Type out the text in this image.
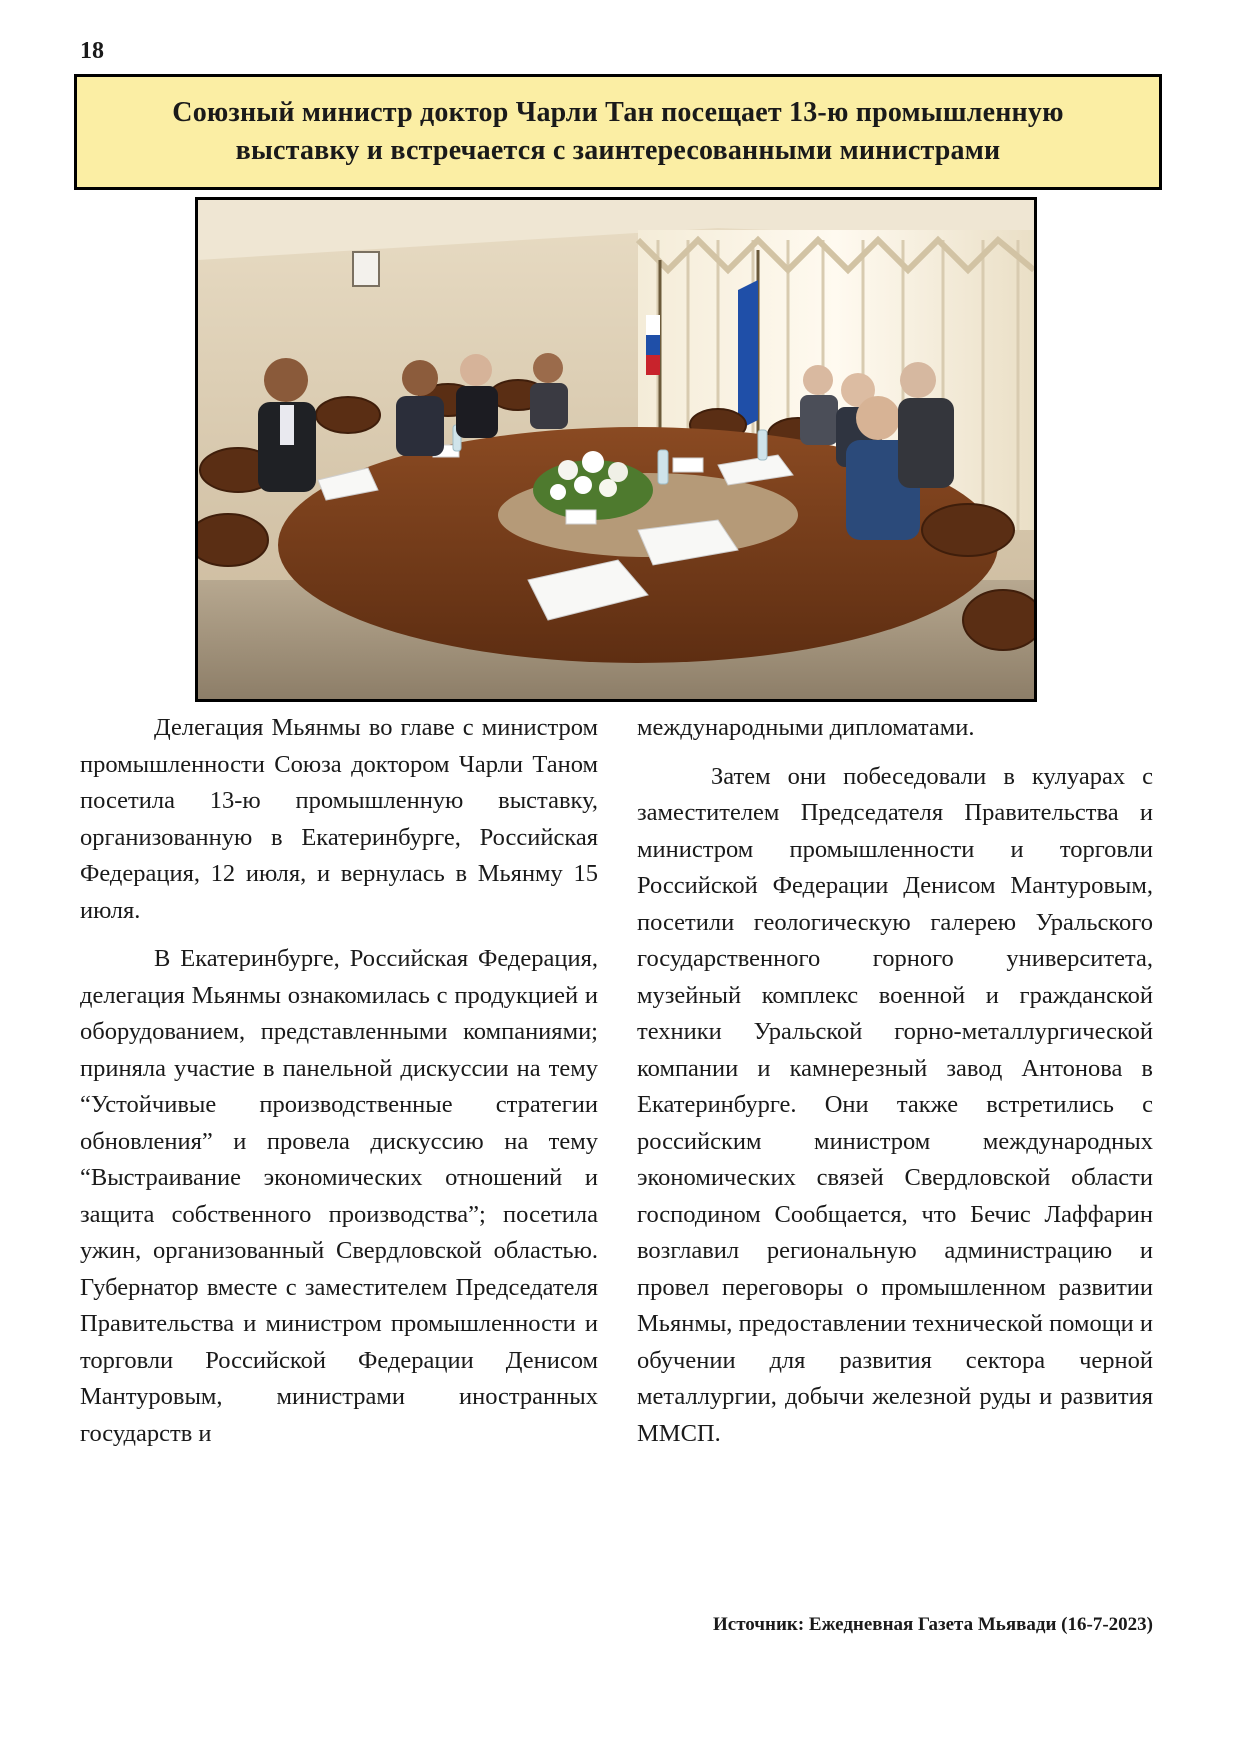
18
Союзный министр доктор Чарли Тан посещает 13-ю промышленную выставку и встречается с заинтересованными министрами

Делегация Мьянмы во главе с министром промышленности Союза доктором Чарли Таном посетила 13-ю промышленную выставку, организованную в Екатеринбурге, Российская Федерация, 12 июля, и вернулась в Мьянму 15 июля.

В Екатеринбурге, Российская Федерация, делегация Мьянмы ознакомилась с продукцией и оборудованием, представленными компаниями; приняла участие в панельной дискуссии на тему “Устойчивые производственные стратегии обновления” и провела дискуссию на тему “Выстраивание экономических отношений и защита собственного производства”; посетила ужин, организованный Свердловской областью. Губернатор вместе с заместителем Председателя Правительства и министром промышленности и торговли Российской Федерации Денисом Мантуровым, министрами иностранных государств и

международными дипломатами.

Затем они побеседовали в кулуарах с заместителем Председателя Правительства и министром промышленности и торговли Российской Федерации Денисом Мантуровым, посетили геологическую галерею Уральского государственного горного университета, музейный комплекс военной и гражданской техники Уральской горно-металлургической компании и камнерезный завод Антонова в Екатеринбурге. Они также встретились с российским министром международных экономических связей Свердловской области господином Сообщается, что Бечис Лаффарин возглавил региональную администрацию и провел переговоры о промышленном развитии Мьянмы, предоставлении технической помощи и обучении для развития сектора черной металлургии, добычи железной руды и развития ММСП.

Источник: Ежедневная Газета Мьявади (16-7-2023)
